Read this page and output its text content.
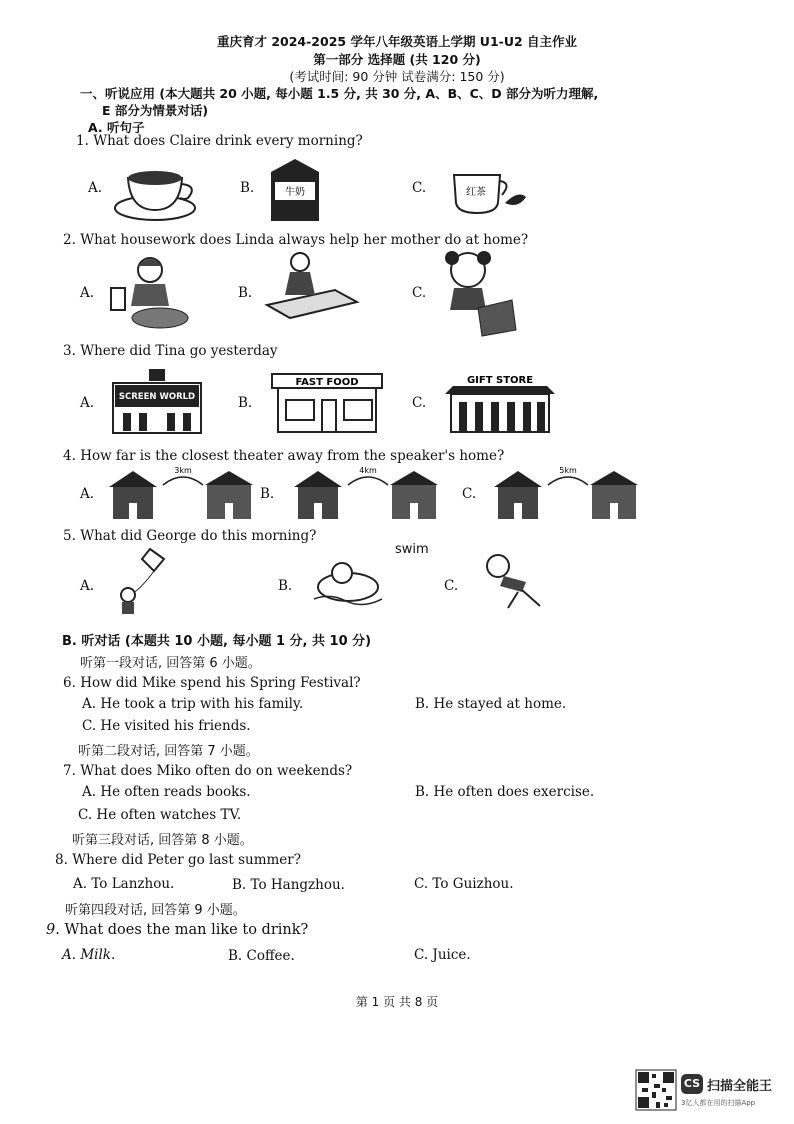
重庆育才 2024-2025 学年八年级英语上学期 U1-U2 自主作业
第一部分 选择题 (共 120 分)
(考试时间: 90 分钟 试卷满分: 150 分)
一、听说应用 (本大题共 20 小题, 每小题 1.5 分, 共 30 分, A、B、C、D 部分为听力理解,
E 部分为情景对话)
A. 听句子
1. What does Claire drink every morning?
A.	B.	牛奶	C.	红茶
2. What housework does Linda always help her mother do at home?
A.	B.	C.
3. Where did Tina go yesterday
A.	SCREEN WORLD	B.
FAST FOOD
C.
GIFT STORE
4. How far is the closest theater away from the speaker's home?
A.
3km
B.
4km
C.
5km
5. What did George do this morning?
A.	B.
swim
C.
B. 听对话 (本题共 10 小题, 每小题 1 分, 共 10 分)
听第一段对话, 回答第 6 小题。
6. How did Mike spend his Spring Festival?
A. He took a trip with his family.	B. He stayed at home.
C. He visited his friends.
听第二段对话, 回答第 7 小题。
7. What does Miko often do on weekends?
A. He often reads books.	B. He often does exercise.
C. He often watches TV.
听第三段对话, 回答第 8 小题。
8. Where did Peter go last summer?
A. To Lanzhou.	B. To Hangzhou.	C. To Guizhou.
听第四段对话, 回答第 9 小题。
9. What does the man like to drink?
A. Milk.	B. Coffee.	C. Juice.
第 1 页 共 8 页
CS 扫描全能王
3亿人都在用的扫描App
